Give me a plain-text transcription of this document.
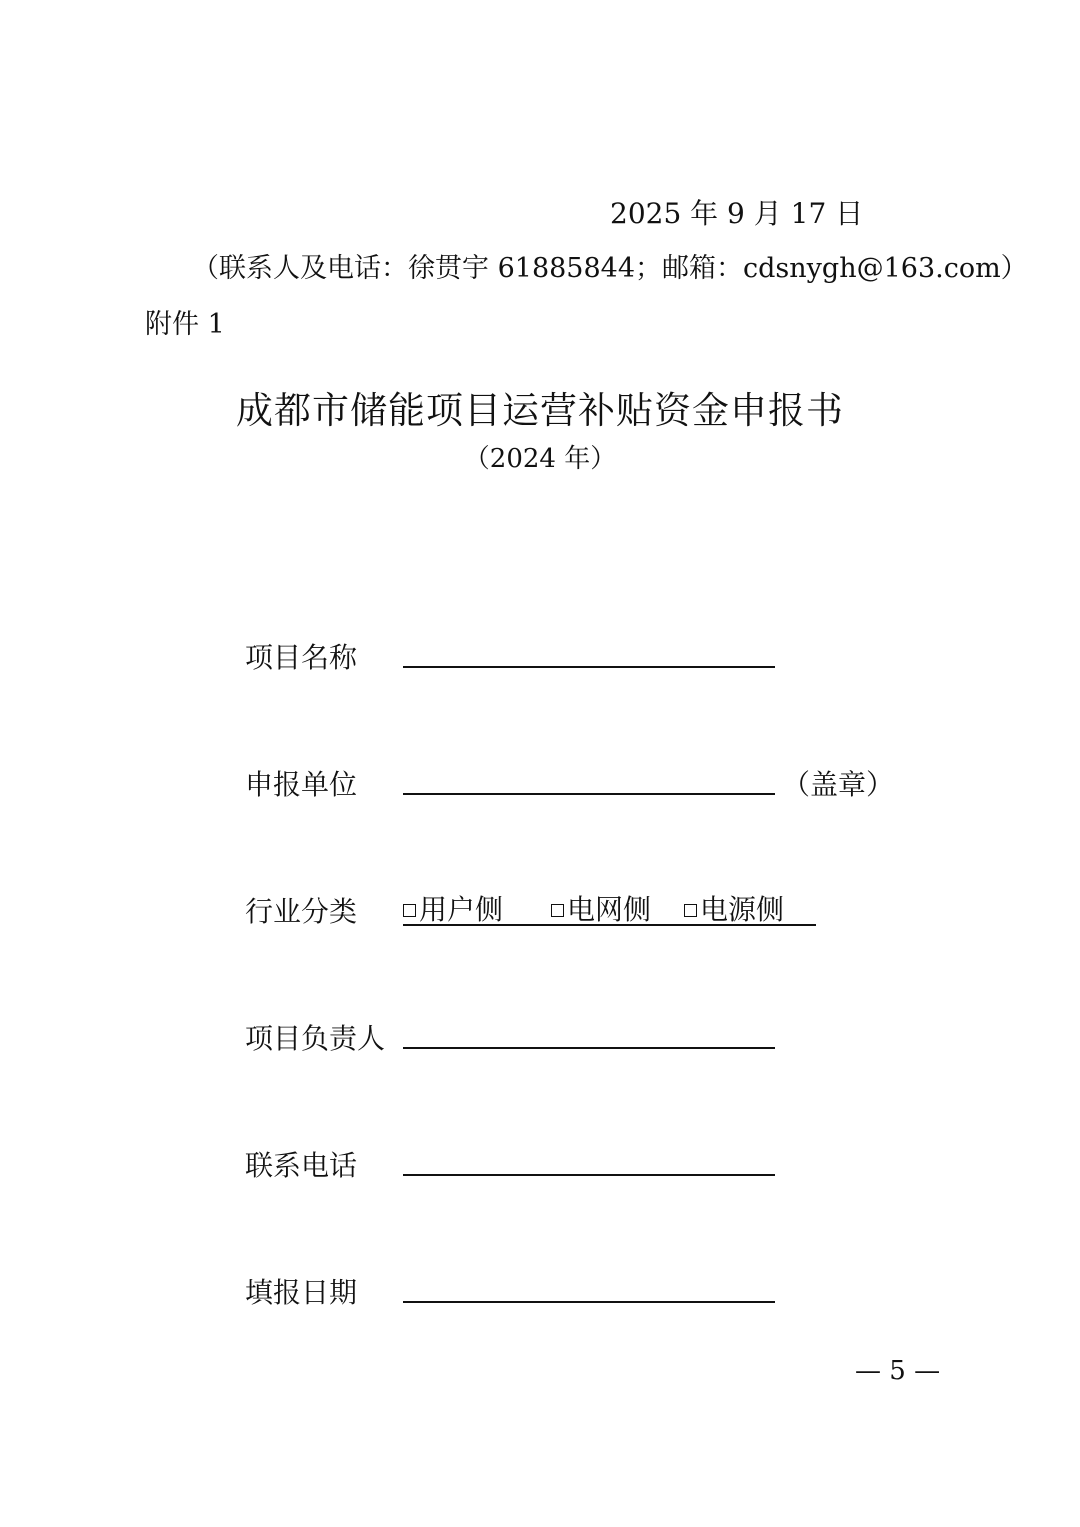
2025 年 9 月 17 日
（联系人及电话：徐贯宇 61885844；邮箱：cdsnygh@163.com）
附件 1
成都市储能项目运营补贴资金申报书
（2024 年）
项目名称
申报单位	（盖章）
行业分类 用户侧 电网侧 电源侧
项目负责人
联系电话
填报日期
— 5 —
